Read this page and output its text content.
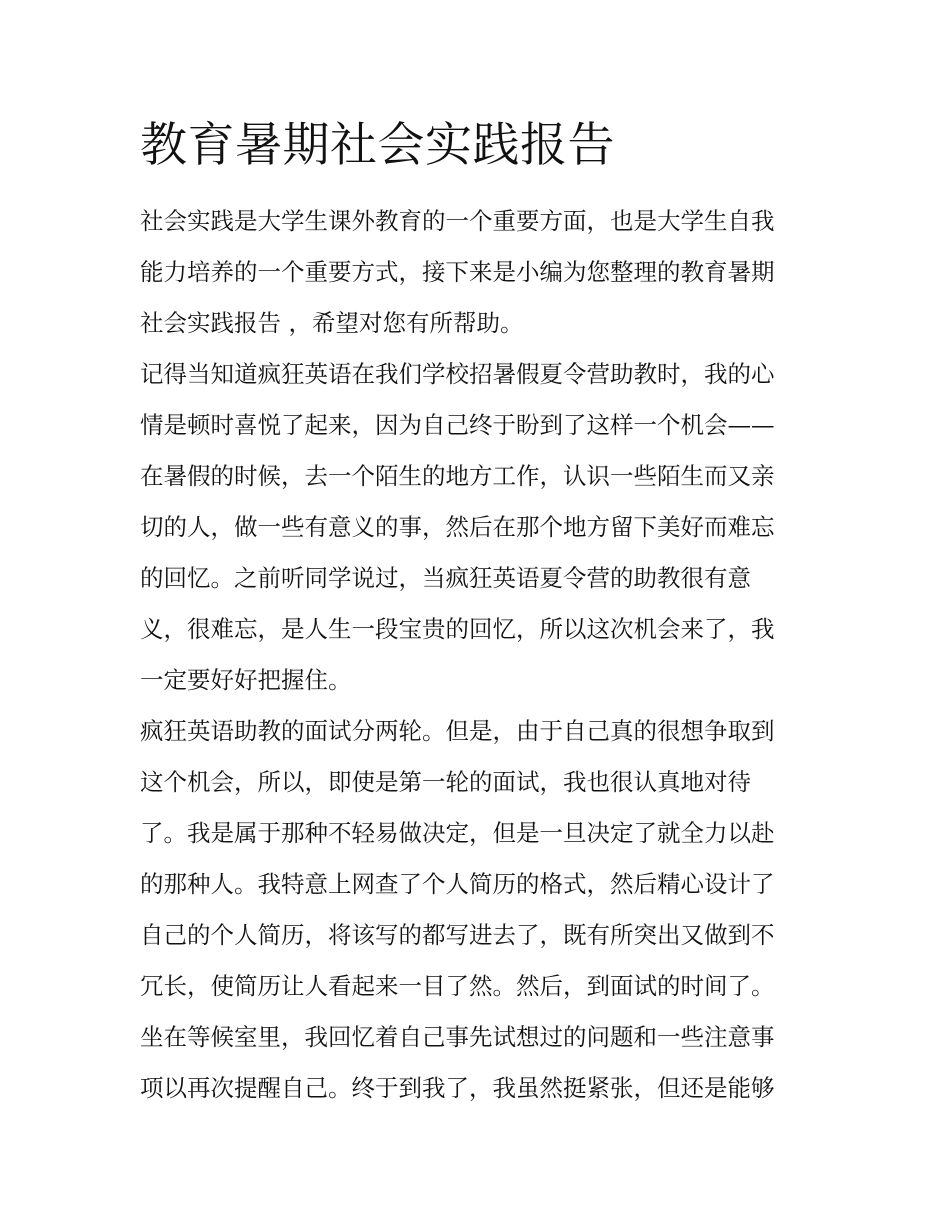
教育暑期社会实践报告
社会实践是大学生课外教育的一个重要方面，也是大学生自我
能力培养的一个重要方式，接下来是小编为您整理的教育暑期
社会实践报告 ，希望对您有所帮助。
记得当知道疯狂英语在我们学校招暑假夏令营助教时，我的心
情是顿时喜悦了起来，因为自己终于盼到了这样一个机会——
在暑假的时候，去一个陌生的地方工作，认识一些陌生而又亲
切的人，做一些有意义的事，然后在那个地方留下美好而难忘
的回忆。之前听同学说过，当疯狂英语夏令营的助教很有意
义，很难忘，是人生一段宝贵的回忆，所以这次机会来了，我
一定要好好把握住。
疯狂英语助教的面试分两轮。但是，由于自己真的很想争取到
这个机会，所以，即使是第一轮的面试，我也很认真地对待
了。我是属于那种不轻易做决定，但是一旦决定了就全力以赴
的那种人。我特意上网查了个人简历的格式，然后精心设计了
自己的个人简历，将该写的都写进去了，既有所突出又做到不
冗长，使简历让人看起来一目了然。然后，到面试的时间了。
坐在等候室里，我回忆着自己事先试想过的问题和一些注意事
项以再次提醒自己。终于到我了，我虽然挺紧张，但还是能够
